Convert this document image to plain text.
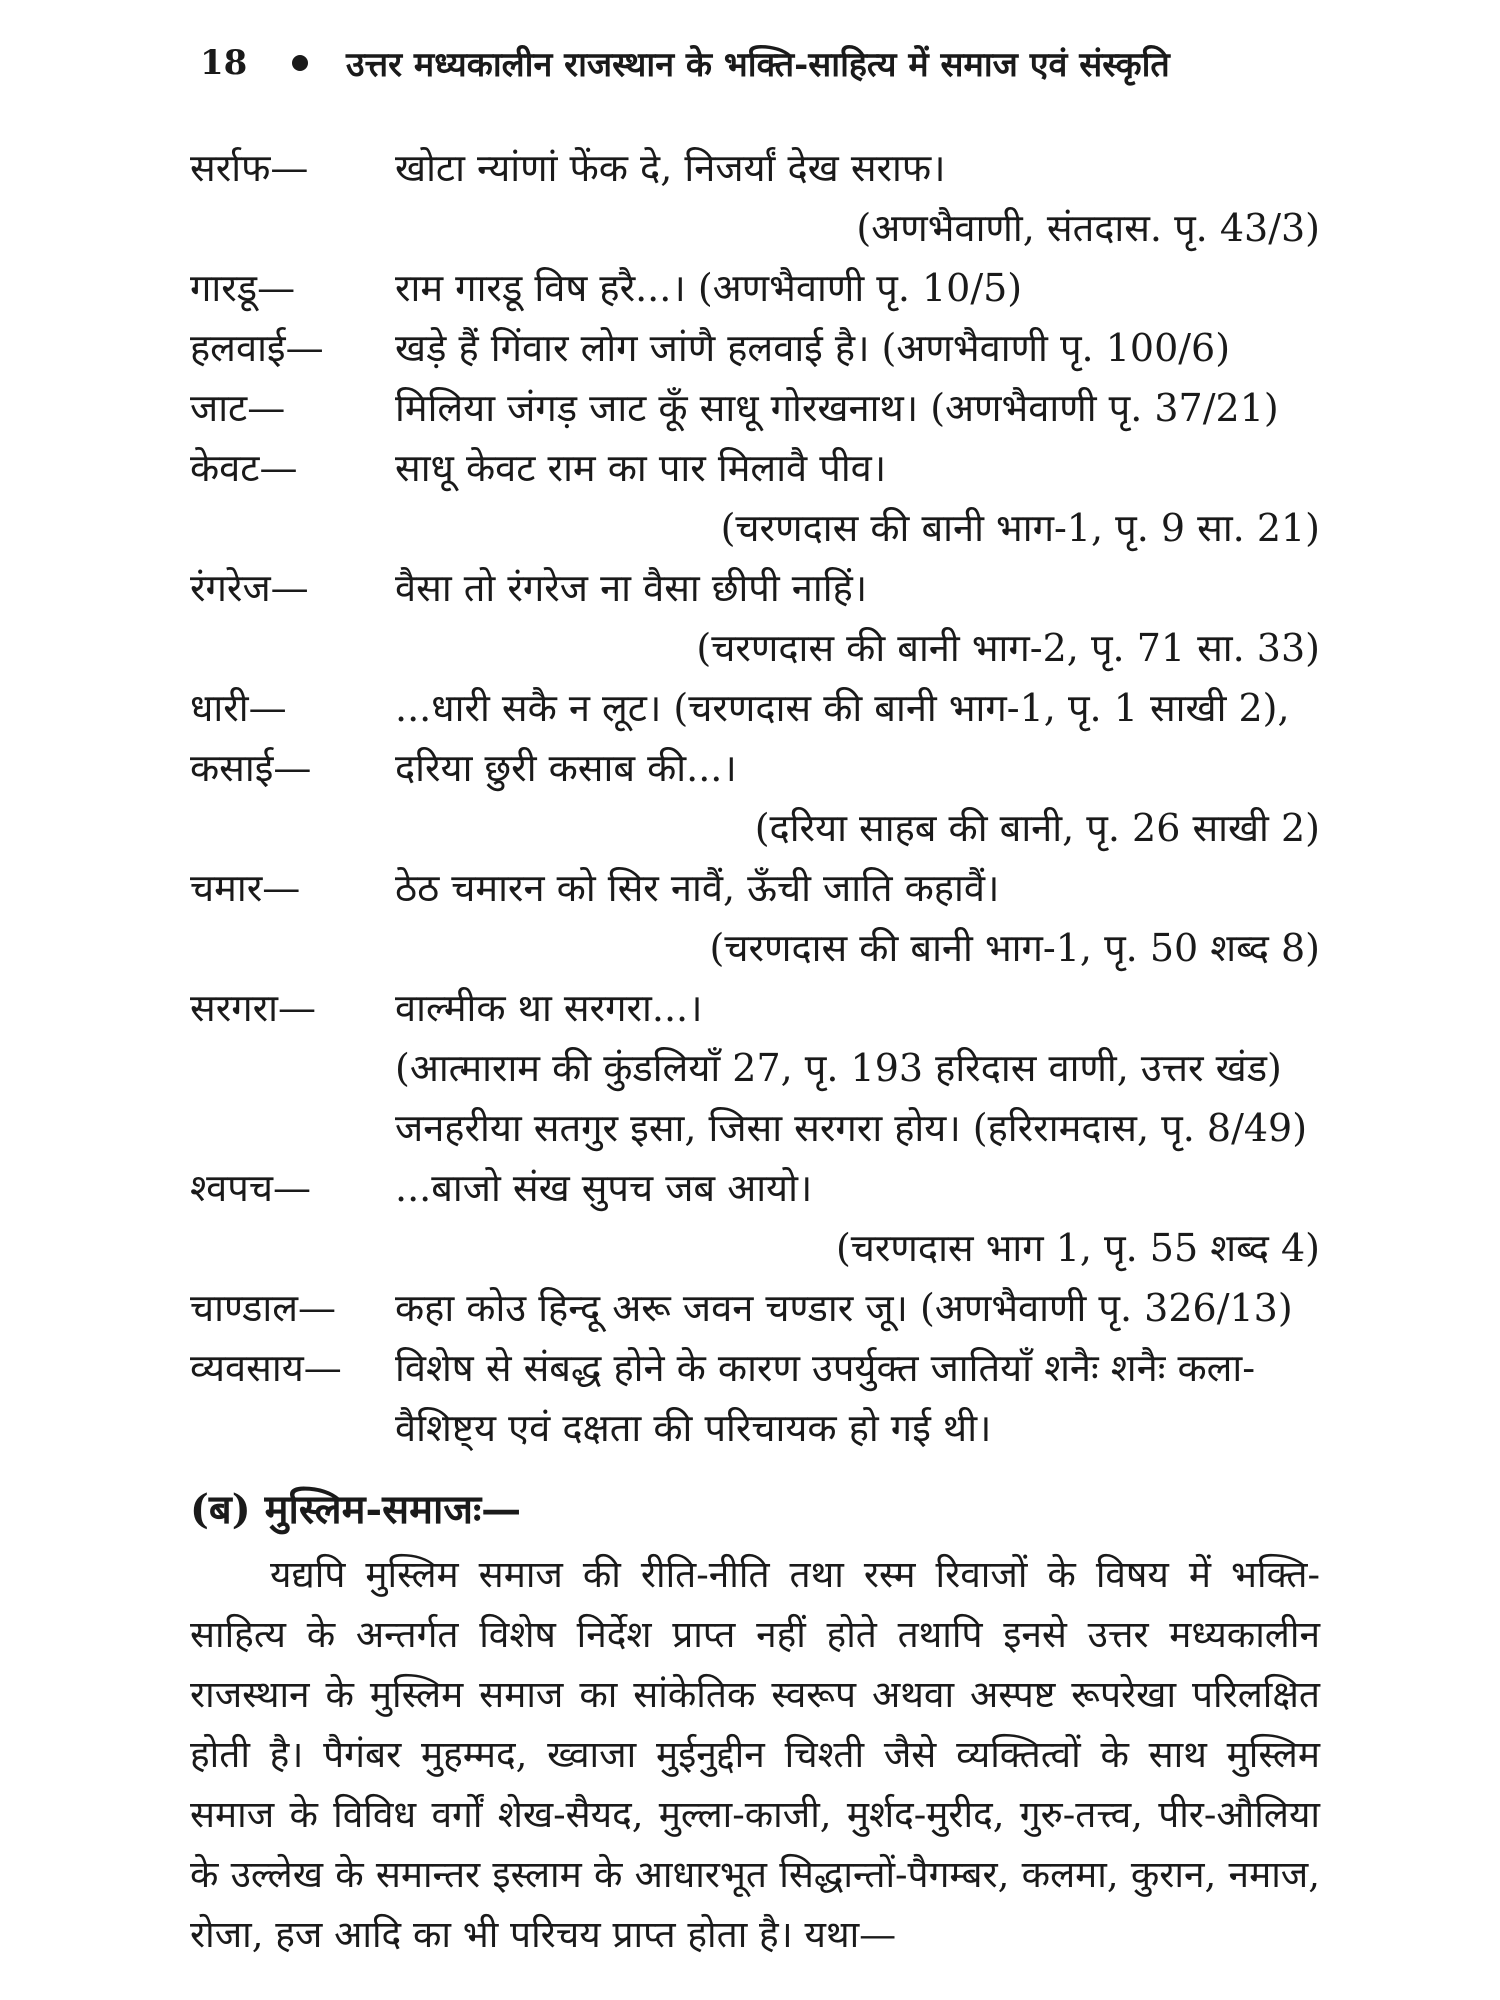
18	उत्तर मध्यकालीन राजस्थान के भक्ति-साहित्य में समाज एवं संस्कृति
सर्राफ—	खोटा न्यांणां फेंक दे, निजर्यां देख सराफ।
(अणभैवाणी, संतदास. पृ. 43/3)
गारडू—	राम गारडू विष हरै...। (अणभैवाणी पृ. 10/5)
हलवाई—	खड़े हैं गिंवार लोग जांणै हलवाई है। (अणभैवाणी पृ. 100/6)
जाट—	मिलिया जंगड़ जाट कूँ साधू गोरखनाथ। (अणभैवाणी पृ. 37/21)
केवट—	साधू केवट राम का पार मिलावै पीव।
(चरणदास की बानी भाग-1, पृ. 9 सा. 21)
रंगरेज—	वैसा तो रंगरेज ना वैसा छीपी नाहिं।
(चरणदास की बानी भाग-2, पृ. 71 सा. 33)
धारी—	...धारी सकै न लूट। (चरणदास की बानी भाग-1, पृ. 1 साखी 2),
कसाई—	दरिया छुरी कसाब की...।
(दरिया साहब की बानी, पृ. 26 साखी 2)
चमार—	ठेठ चमारन को सिर नावैं, ऊँची जाति कहावैं।
(चरणदास की बानी भाग-1, पृ. 50 शब्द 8)
सरगरा—	वाल्मीक था सरगरा...।
(आत्माराम की कुंडलियाँ 27, पृ. 193 हरिदास वाणी, उत्तर खंड)
जनहरीया सतगुर इसा, जिसा सरगरा होय। (हरिरामदास, पृ. 8/49)
श्वपच—	...बाजो संख सुपच जब आयो।
(चरणदास भाग 1, पृ. 55 शब्द 4)
चाण्डाल—	कहा कोउ हिन्दू अरू जवन चण्डार जू। (अणभैवाणी पृ. 326/13)
व्यवसाय—	विशेष से संबद्ध होने के कारण उपर्युक्त जातियाँ शनैः शनैः कला-
वैशिष्ट्य एवं दक्षता की परिचायक हो गई थी।
(ब) मुस्लिम-समाजः—
यद्यपि मुस्लिम समाज की रीति-नीति तथा रस्म रिवाजों के विषय में भक्ति-साहित्य के अन्तर्गत विशेष निर्देश प्राप्त नहीं होते तथापि इनसे उत्तर मध्यकालीन राजस्थान के मुस्लिम समाज का सांकेतिक स्वरूप अथवा अस्पष्ट रूपरेखा परिलक्षित होती है। पैगंबर मुहम्मद, ख्वाजा मुईनुद्दीन चिश्ती जैसे व्यक्तित्वों के साथ मुस्लिम समाज के विविध वर्गों शेख-सैयद, मुल्ला-काजी, मुर्शद-मुरीद, गुरु-तत्त्व, पीर-औलिया के उल्लेख के समान्तर इस्लाम के आधारभूत सिद्धान्तों-पैगम्बर, कलमा, कुरान, नमाज, रोजा, हज आदि का भी परिचय प्राप्त होता है। यथा—
